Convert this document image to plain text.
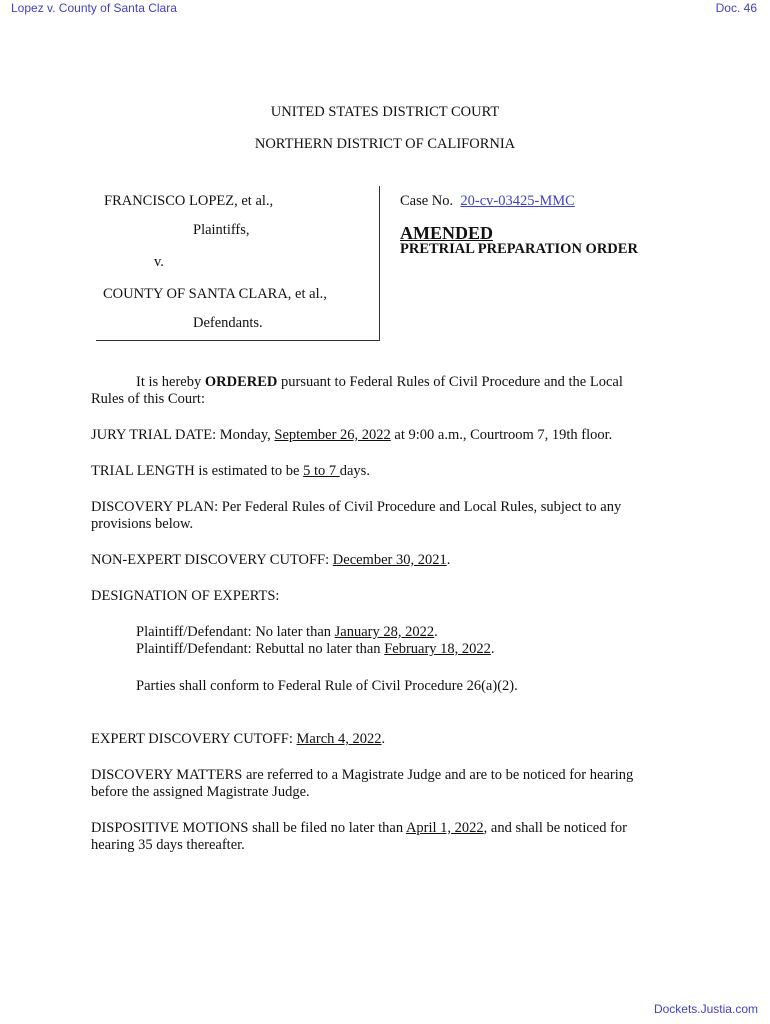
Lopez v. County of Santa Clara	Doc. 46
UNITED STATES DISTRICT COURT
NORTHERN DISTRICT OF CALIFORNIA
FRANCISCO LOPEZ, et al.,
Plaintiffs,
v.
COUNTY OF SANTA CLARA, et al.,
Defendants.
Case No. 20-cv-03425-MMC
AMENDED
PRETRIAL PREPARATION ORDER
It is hereby ORDERED pursuant to Federal Rules of Civil Procedure and the Local
Rules of this Court:
JURY TRIAL DATE: Monday, September 26, 2022 at 9:00 a.m., Courtroom 7, 19th floor.
TRIAL LENGTH is estimated to be 5 to 7 days.
DISCOVERY PLAN: Per Federal Rules of Civil Procedure and Local Rules, subject to any
provisions below.
NON-EXPERT DISCOVERY CUTOFF: December 30, 2021.
DESIGNATION OF EXPERTS:
Plaintiff/Defendant: No later than January 28, 2022.
Plaintiff/Defendant: Rebuttal no later than February 18, 2022.
Parties shall conform to Federal Rule of Civil Procedure 26(a)(2).
EXPERT DISCOVERY CUTOFF: March 4, 2022.
DISCOVERY MATTERS are referred to a Magistrate Judge and are to be noticed for hearing
before the assigned Magistrate Judge.
DISPOSITIVE MOTIONS shall be filed no later than April 1, 2022, and shall be noticed for
hearing 35 days thereafter.
Dockets.Justia.com
